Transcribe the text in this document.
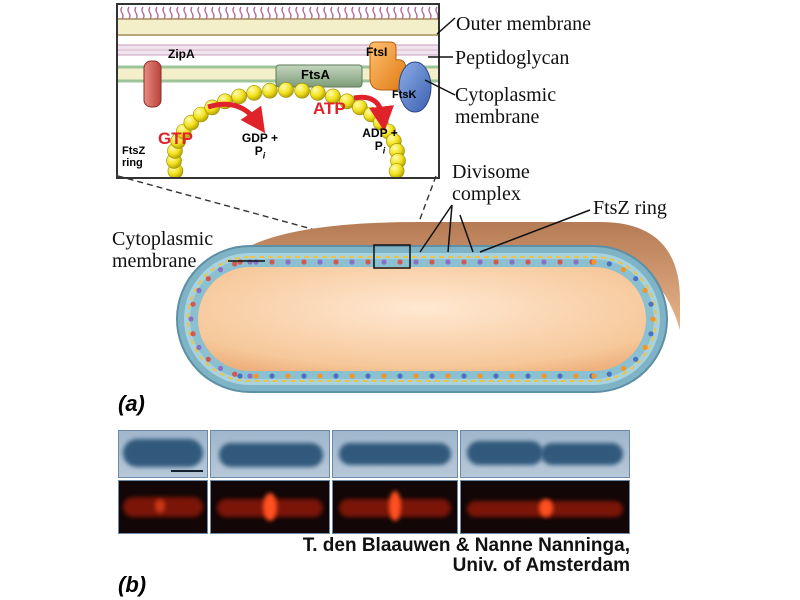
ZipA	FtsI
FtsA
FtsK
FtsZ
ring
GTP
ATP
GDP +
$P_i$
ADP +
$P_i$
Outer membrane
Peptidoglycan
Cytoplasmic
membrane
Divisome
complex
FtsZ ring
Cytoplasmic
membrane
(a)
T. den Blaauwen & Nanne Nanninga,
Univ. of Amsterdam
(b)
